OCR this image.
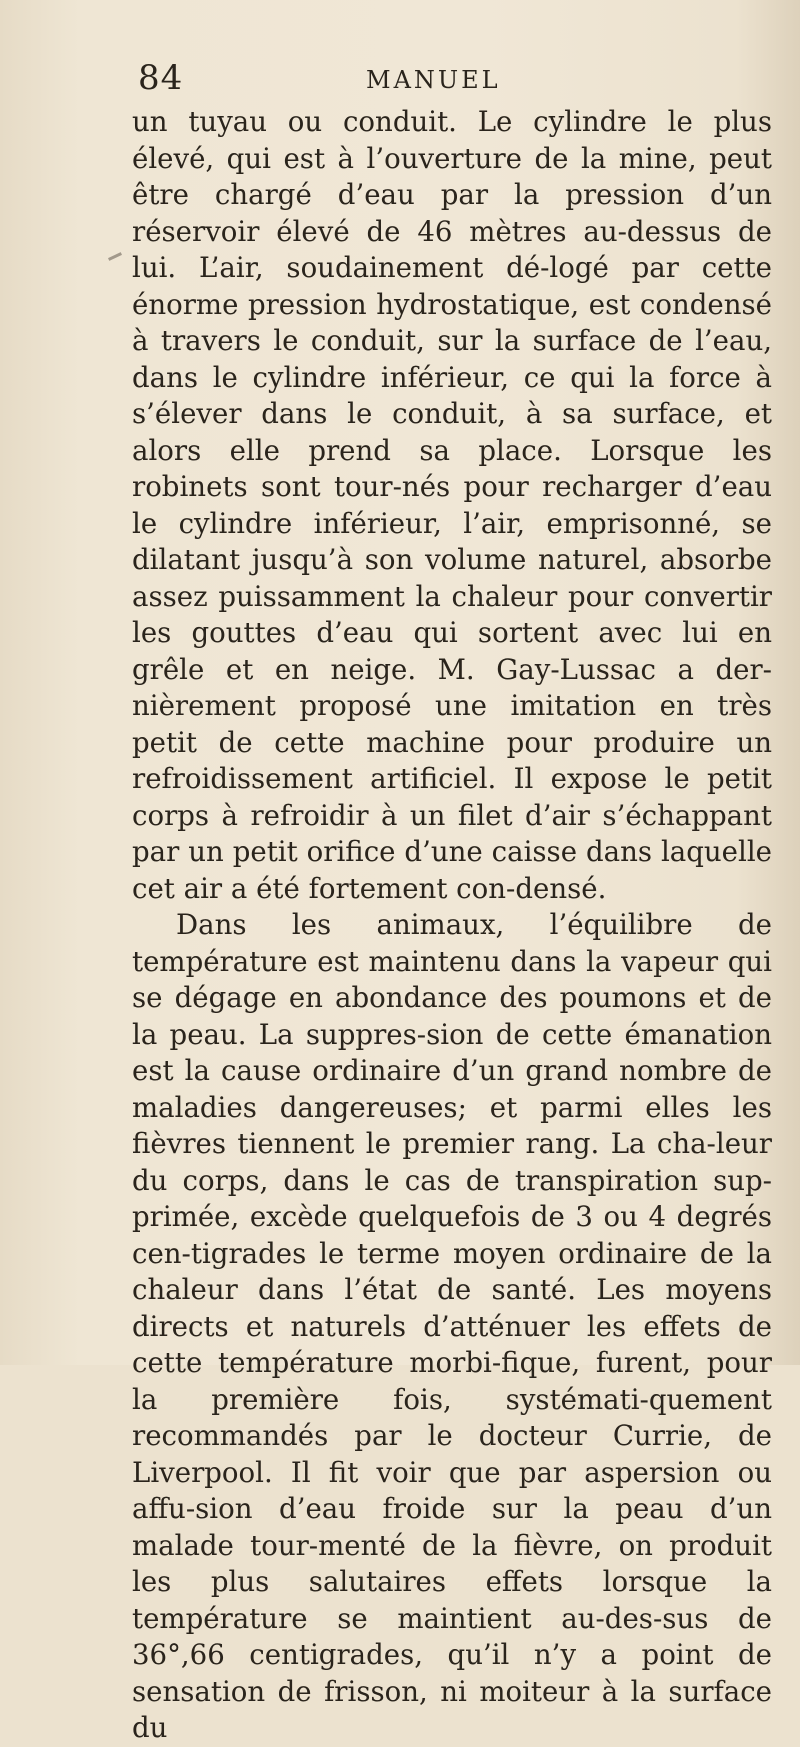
84	MANUEL

un tuyau ou conduit. Le cylindre le plus élevé, qui est à l’ouverture de la mine, peut être chargé d’eau par la pression d’un réservoir élevé de 46 mètres au-dessus de lui. L’air, soudainement dé-logé par cette énorme pression hydrostatique, est condensé à travers le conduit, sur la surface de l’eau, dans le cylindre inférieur, ce qui la force à s’élever dans le conduit, à sa surface, et alors elle prend sa place. Lorsque les robinets sont tour-nés pour recharger d’eau le cylindre inférieur, l’air, emprisonné, se dilatant jusqu’à son volume naturel, absorbe assez puissamment la chaleur pour convertir les gouttes d’eau qui sortent avec lui en grêle et en neige. M. Gay-Lussac a der-nièrement proposé une imitation en très petit de cette machine pour produire un refroidissement artificiel. Il expose le petit corps à refroidir à un filet d’air s’échappant par un petit orifice d’une caisse dans laquelle cet air a été fortement con-densé.

Dans les animaux, l’équilibre de température est maintenu dans la vapeur qui se dégage en abondance des poumons et de la peau. La suppres-sion de cette émanation est la cause ordinaire d’un grand nombre de maladies dangereuses; et parmi elles les fièvres tiennent le premier rang. La cha-leur du corps, dans le cas de transpiration sup-primée, excède quelquefois de 3 ou 4 degrés cen-tigrades le terme moyen ordinaire de la chaleur dans l’état de santé. Les moyens directs et naturels d’atténuer les effets de cette température morbi-fique, furent, pour la première fois, systémati-quement recommandés par le docteur Currie, de Liverpool. Il fit voir que par aspersion ou affu-sion d’eau froide sur la peau d’un malade tour-menté de la fièvre, on produit les plus salutaires effets lorsque la température se maintient au-des-sus de 36°,66 centigrades, qu’il n’y a point de sensation de frisson, ni moiteur à la surface du
